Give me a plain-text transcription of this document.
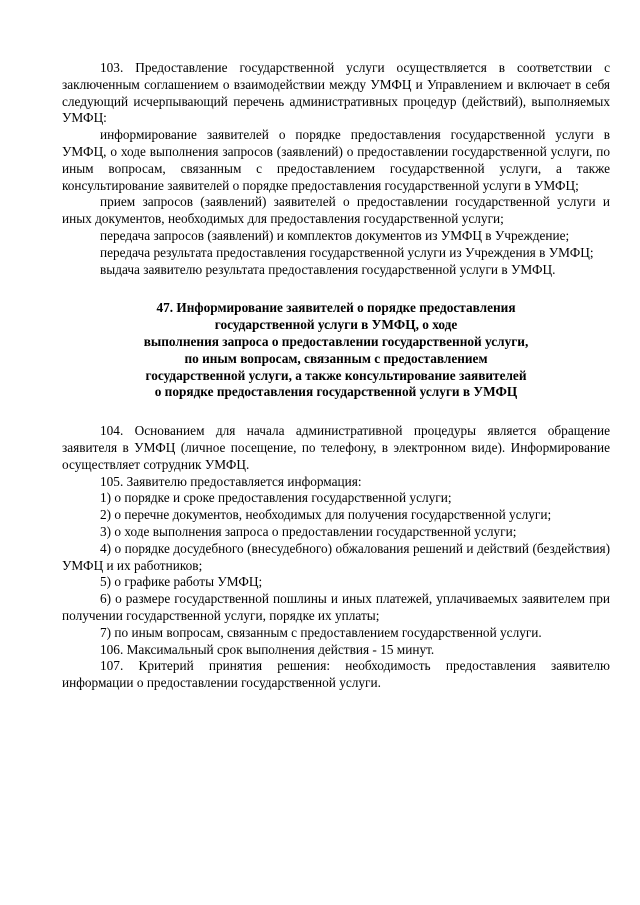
103. Предоставление государственной услуги осуществляется в соответствии с заключенным соглашением о взаимодействии между УМФЦ и Управлением и включает в себя следующий исчерпывающий перечень административных процедур (действий), выполняемых УМФЦ:

информирование заявителей о порядке предоставления государственной услуги в УМФЦ, о ходе выполнения запросов (заявлений) о предоставлении государственной услуги, по иным вопросам, связанным с предоставлением государственной услуги, а также консультирование заявителей о порядке предоставления государственной услуги в УМФЦ;

прием запросов (заявлений) заявителей о предоставлении государственной услуги и иных документов, необходимых для предоставления государственной услуги;

передача запросов (заявлений) и комплектов документов из УМФЦ в Учреждение;

передача результата предоставления государственной услуги из Учреждения в УМФЦ;

выдача заявителю результата предоставления государственной услуги в УМФЦ.

47. Информирование заявителей о порядке предоставления
государственной услуги в УМФЦ, о ходе
выполнения запроса о предоставлении государственной услуги,
по иным вопросам, связанным с предоставлением
государственной услуги, а также консультирование заявителей
о порядке предоставления государственной услуги в УМФЦ

104. Основанием для начала административной процедуры является обращение заявителя в УМФЦ (личное посещение, по телефону, в электронном виде). Информирование осуществляет сотрудник УМФЦ.

105. Заявителю предоставляется информация:

1) о порядке и сроке предоставления государственной услуги;

2) о перечне документов, необходимых для получения государственной услуги;

3) о ходе выполнения запроса о предоставлении государственной услуги;

4) о порядке досудебного (внесудебного) обжалования решений и действий (бездействия) УМФЦ и их работников;

5) о графике работы УМФЦ;

6) о размере государственной пошлины и иных платежей, уплачиваемых заявителем при получении государственной услуги, порядке их уплаты;

7) по иным вопросам, связанным с предоставлением государственной услуги.

106. Максимальный срок выполнения действия - 15 минут.

107. Критерий принятия решения: необходимость предоставления заявителю информации о предоставлении государственной услуги.
